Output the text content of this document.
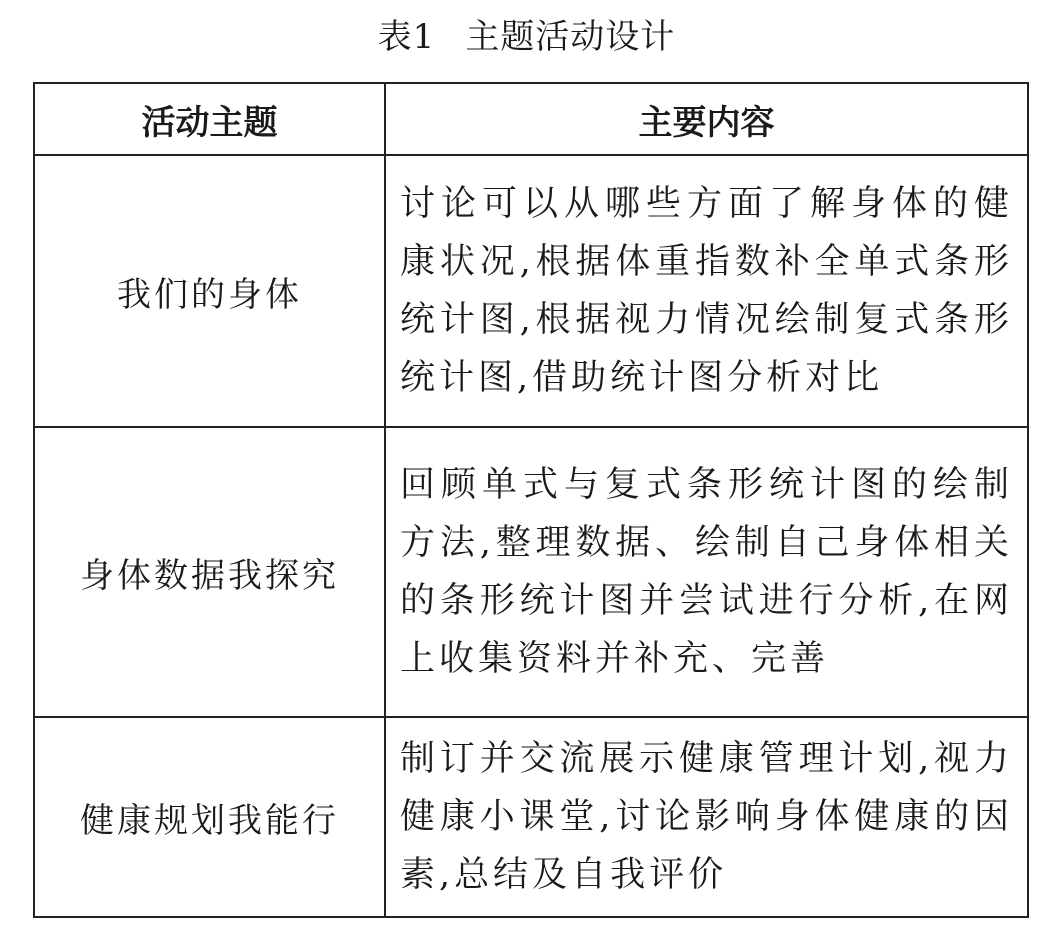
表1 主题活动设计
活动主题	主要内容
我们的身体	讨论可以从哪些方面了解身体的健康状况,根据体重指数补全单式条形统计图,根据视力情况绘制复式条形统计图,借助统计图分析对比
身体数据我探究	回顾单式与复式条形统计图的绘制方法,整理数据、绘制自己身体相关的条形统计图并尝试进行分析,在网上收集资料并补充、完善
健康规划我能行	制订并交流展示健康管理计划,视力健康小课堂,讨论影响身体健康的因素,总结及自我评价
